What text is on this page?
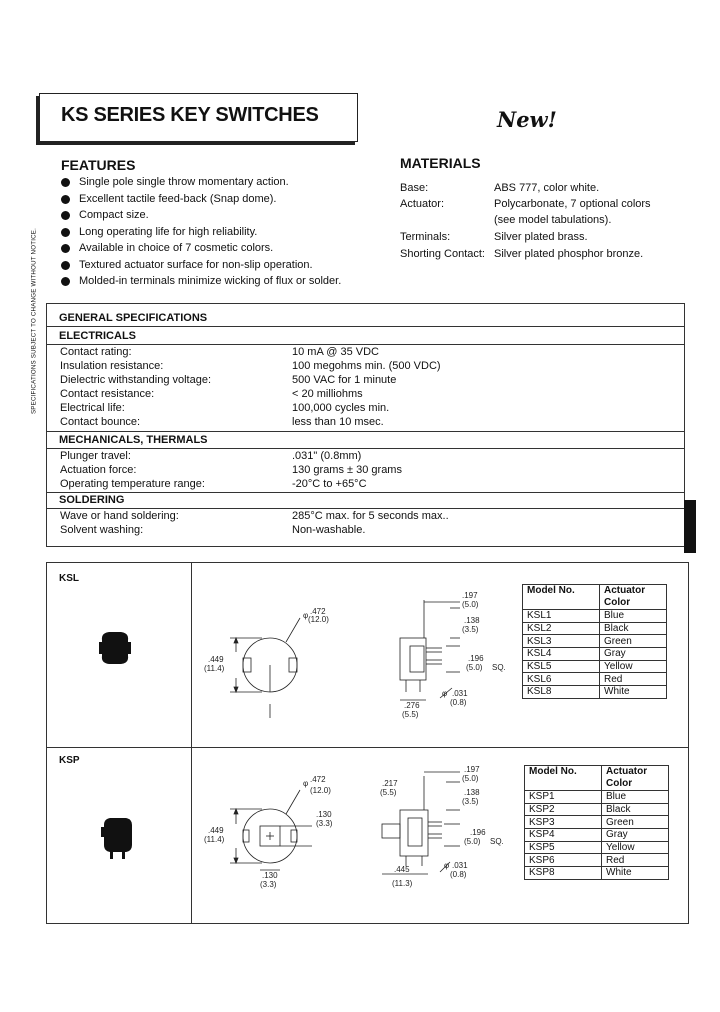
KS SERIES KEY SWITCHES	New!
SPECIFICATIONS SUBJECT TO CHANGE WITHOUT NOTICE.
FEATURES
Single pole single throw momentary action.
Excellent tactile feed-back (Snap dome).
Compact size.
Long operating life for high reliability.
Available in choice of 7 cosmetic colors.
Textured actuator surface for non-slip operation.
Molded-in terminals minimize wicking of flux or solder.
MATERIALS
Base:	ABS 777, color white.
Actuator:	Polycarbonate, 7 optional colors
(see model tabulations).
Terminals:	Silver plated brass.
Shorting Contact: Silver plated phosphor bronze.
GENERAL SPECIFICATIONS
ELECTRICALS
Contact rating:	10 mA @ 35 VDC
Insulation resistance:	100 megohms min. (500 VDC)
Dielectric withstanding voltage:	500 VAC for 1 minute
Contact resistance:	< 20 milliohms
Electrical life:	100,000 cycles min.
Contact bounce:	less than 10 msec.
MECHANICALS, THERMALS
Plunger travel:	.031" (0.8mm)
Actuation force:	130 grams ± 30 grams
Operating temperature range:	-20°C to +65°C
SOLDERING
Wave or hand soldering:	285°C max. for 5 seconds max..
Solvent washing:	Non-washable.
KSL
KSP
φ .472
(12.0)
.449
(11.4)
.197
(5.0)
.138
(3.5)
.196
(5.0) SQ.
φ .031
(0.8)
.276
(5.5)
Model No.	Actuator Color
KSL1	Blue
KSL2	Black
KSL3	Green
KSL4	Gray
KSL5	Yellow
KSL6	Red
KSL8	White
φ .472
(12.0)
.449
(11.4)
.130
(3.3)
.130
(3.3)
.217
(5.5)
.197
(5.0)
.138
(3.5)
.196
(5.0) SQ.
φ .031
(0.8)
.445
(11.3)
Model No.	Actuator Color
KSP1	Blue
KSP2	Black
KSP3	Green
KSP4	Gray
KSP5	Yellow
KSP6	Red
KSP8	White
